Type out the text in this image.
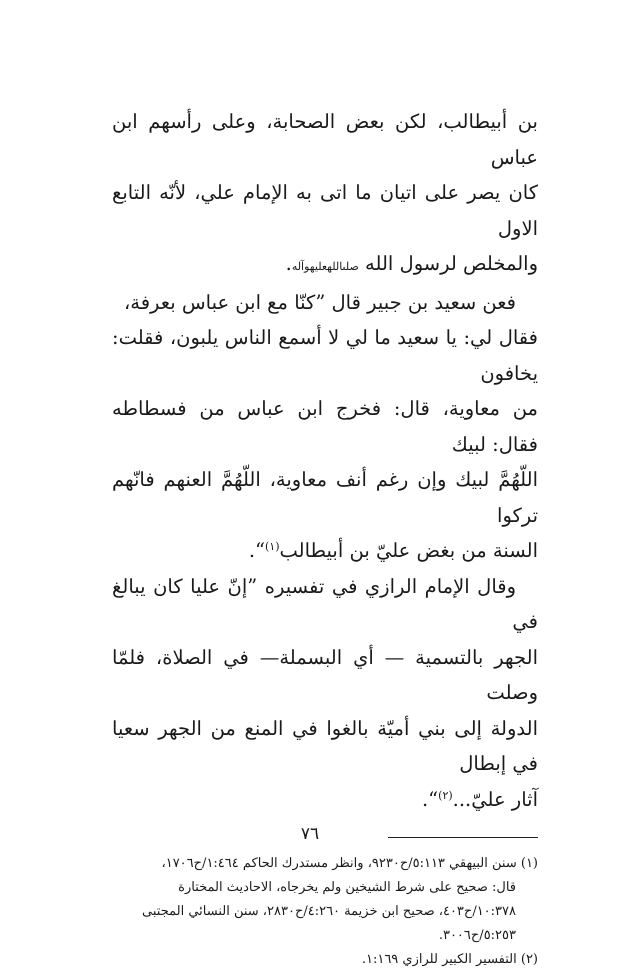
بن أبيطالب، لكن بعض الصحابة، وعلى رأسهم ابن عباس
كان يصر على اتيان ما اتى به الإمام علي، لأنّه التابع الاول
والمخلص لرسول الله صلىاللهعليهوآله.

فعن سعيد بن جبير قال ”كنّا مع ابن عباس بعرفة،
فقال لي: يا سعيد ما لي لا أسمع الناس يلبون، فقلت: يخافون
من معاوية، قال: فخرج ابن عباس من فسطاطه فقال: لبيك
اللّهُمَّ لبيك وإن رغم أنف معاوية، اللّهُمَّ العنهم فانّهم تركوا
السنة من بغض عليّ بن أبيطالب$^{(١)}$“.

وقال الإمام الرازي في تفسيره ”إنّ عليا كان يبالغ في
الجهر بالتسمية — أي البسملة— في الصلاة، فلمّا وصلت
الدولة إلى بني أميّة بالغوا في المنع من الجهر سعيا في إبطال
آثار عليّ...$^{(٢)}$“.

(١) سنن البيهقي ٥:١١٣/ح٩٢٣٠، وانظر مستدرك الحاكم ١:٤٦٤/ح١٧٠٦،

قال: صحيح على شرط الشيخين ولم يخرجاه، الاحاديث المختارة

١٠:٣٧٨/ح٤٠٣، صحيح ابن خزيمة ٤:٢٦٠/ح٢٨٣٠، سنن النسائي المجتبى

٥:٢٥٣/ح٣٠٠٦.

(٢) التفسير الكبير للرازي ١:١٦٩.

٧٦
